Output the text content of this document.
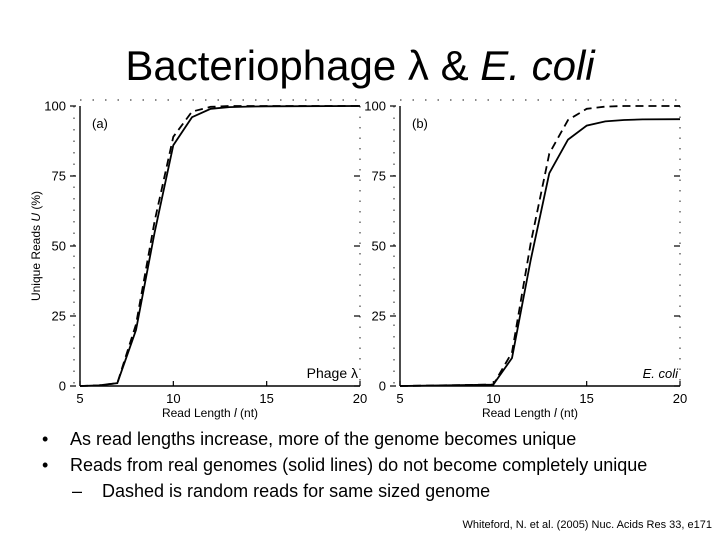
Bacteriophage λ & E. coli
0
25
50
75
100
5	10	15	20
Read Length l (nt)
Unique Reads U (%)
(a)
Phage λ
0
25
50
75
100
5	10	15	20
Read Length l (nt)
(b)
E. coli
• As read lengths increase, more of the genome becomes unique
• Reads from real genomes (solid lines) do not become completely unique
– Dashed is random reads for same sized genome
Whiteford, N. et al. (2005) Nuc. Acids Res 33, e171
